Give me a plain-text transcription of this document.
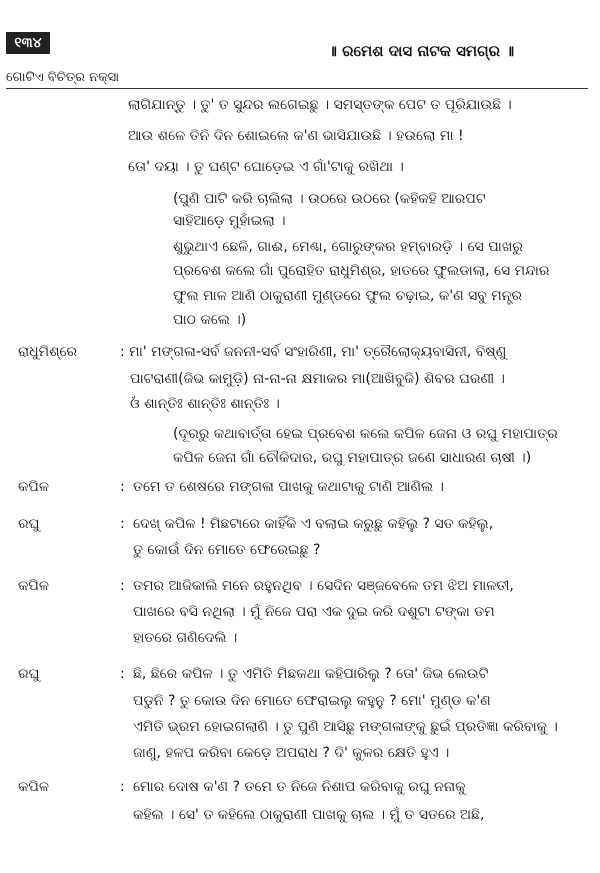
୧୩୪	॥ ରମେଶ ଦାସ ନାଟକ ସମଗ୍ର ॥
ଗୋଟିଏ ବିଚିତ୍ର ନକ୍ସା
ଲାଗିଯାନ୍ତୁ । ତୁ' ତ ସୁନ୍ଦର ଲଗେଇଛୁ । ସମସ୍ତଙ୍କ ପେଟ ତ ପୂରିଯାଉଛି ।
ଆଉ ଶଳେ ତିନି ଦିନ ଶୋଇଲେ କ'ଣ ଭାସିଯାଉଛି । ହଉଲୋ ମା !
ତୋ' ଦୟା । ତୁ ଘଣ୍ଟ ଘୋଡ଼େଇ ଏ ଗାଁ'ଟାକୁ ରଖିଥା ।
(ପୁଣି ପାଟି କରି ଚାଲିଲା । ଉଠରେ ଉଠରେ (କହିକହି ଆରପଟ
ସାହିଆଡ଼େ ମୁହାଁଇଲା ।
ଶୁଭୁଥାଏ ଛେଳି, ଗାଈ, ମେଣ୍ଢା, ଗୋରୁଙ୍କର ହମ୍ବାରଡ଼ି । ସେ ପାଖରୁ
ପ୍ରବେଶ କଲେ ଗାଁ ପୁରୋହିତ ରାଧୁମିଶ୍ର, ହାତରେ ଫୁଲଡାଲା, ସେ ମନ୍ଦାର
ଫୁଲ ମାଳ ଆଣି ଠାକୁରାଣୀ ମୁଣ୍ଡରେ ଫୁଲ ଚଢ଼ାଇ, କ'ଣ ସବୁ ମନ୍ତ୍ର
ପାଠ କଲେ ।)
ରାଧୁମିଶ୍ରେ	: ମା' ମଙ୍ଗଳା-ସର୍ବ ଜନନୀ-ସର୍ବ ସଂହାରିଣୀ, ମା' ତ୍ରୈଲୋକ୍ୟବାସିନୀ, ବିଷ୍ଣୁ
ପାଟରାଣୀ(ଜିଭ କାମୁଡ଼ି) ନା-ନା-ନା କ୍ଷମାକର ମା(ଆଖିବୁଜି) ଶିବର ଘରଣୀ ।
ଓଁ ଶାନ୍ତିଃ ଶାନ୍ତିଃ ଶାନ୍ତିଃ ।
(ଦୂରରୁ କଥାବାର୍ତ୍ତା ହେଇ ପ୍ରବେଶ କଲେ କପିଳ ଜେନା ଓ ରଘୁ ମହାପାତ୍ର
କପିଳ ଜେନା ଗାଁ ଚୌକିଦାର, ରଘୁ ମହାପାତ୍ର ଜଣେ ସାଧାରଣ ଚାଷୀ ।)
କପିଳ	: ତମେ ତ ଶେଷରେ ମଙ୍ଗଳା ପାଖକୁ କଥାଟାକୁ ଟାଣି ଆଣିଲ ।
ରଘୁ	: ଦେଖ୍ କପିଳ ! ମିଛଟାରେ କାହିଁକି ଏ ବଲାଇ କରୁଛୁ କହିଲୁ ? ସତ କହିଲୁ,
ତୁ କୋଉଁ ଦିନ ମୋତେ ଫେରେଇଛୁ ?
କପିଳ	: ତମର ଆଜିକାଲି ମନେ ରହୁନଥିବ । ସେଦିନ ସଞ୍ଜବେଳେ ତମ ଝିଅ ମାଳତୀ,
ପାଖରେ ବସି ନଥିଲା । ମୁଁ ନିଜେ ପରା ଏକ ଦୁଇ କରି ଦଶୁଟା ଟଙ୍କା ତମ
ହାତରେ ଗଣିଦେଲି ।
ରଘୁ	: ଛି, ଛିରେ କପିଳ । ତୁ ଏମିତି ମିଛକଥା କହିପାରିଲୁ ? ତୋ' ଜିଭ ଲେଉଟି
ପଡୁନି ? ତୁ କୋଉ ଦିନ ମୋତେ ଫେରାଇଲୁ କହୁନୁ ? ମୋ' ମୁଣ୍ଡ କ'ଣ
ଏମିତି ଭ୍ରମ ହୋଇଗଲାଣି । ତୁ ପୁଣି ଆସିଛୁ ମଙ୍ଗଳାଙ୍କୁ ଛୁଇଁ ପ୍ରତିଜ୍ଞା କରିବାକୁ ।
ଜାଣୁ, ହଳପ କରିବା କେଡ଼େ ଅପରାଧ ? ଦି' କୁଳର କ୍ଷେତି ହୁଏ ।
କପିଳ	: ମୋର ଦୋଷ କ'ଣ ? ତମେ ତ ନିଜେ ନିଶାପ କରିବାକୁ ରଘୁ ନନାକୁ
କହିଲ । ସେ' ତ କହିଲେ ଠାକୁରାଣୀ ପାଖକୁ ଚାଲ । ମୁଁ ତ ସତରେ ଅଛି,
